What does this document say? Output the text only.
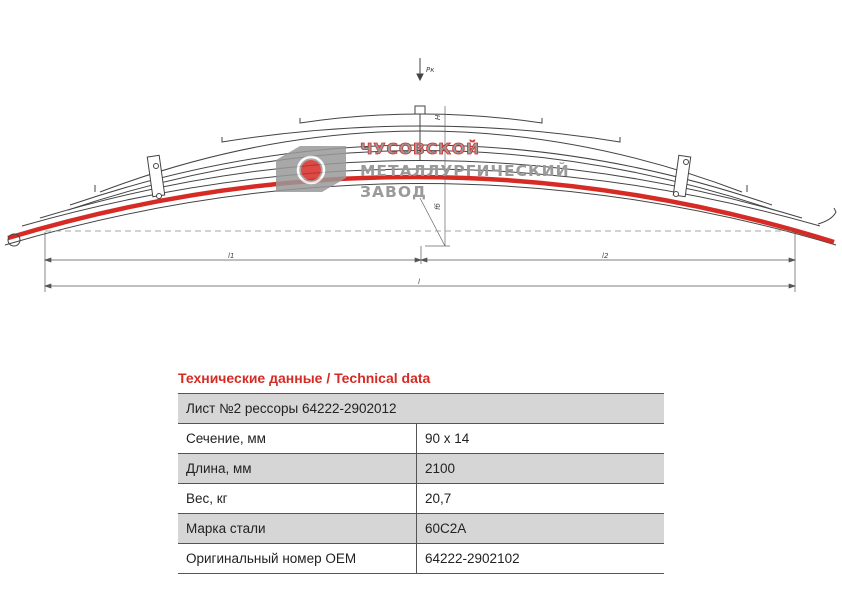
Pк
H
fб
l1	l2
l
ЧУСОВСКОЙ
МЕТАЛЛУРГИЧЕСКИЙ
ЗАВОД
Технические данные / Technical data
Лист №2 рессоры 64222-2902012	
Сечение, мм	90 х 14
Длина, мм	2100
Вес, кг	20,7
Марка стали	60С2А
Оригинальный номер OEM	64222-2902102
